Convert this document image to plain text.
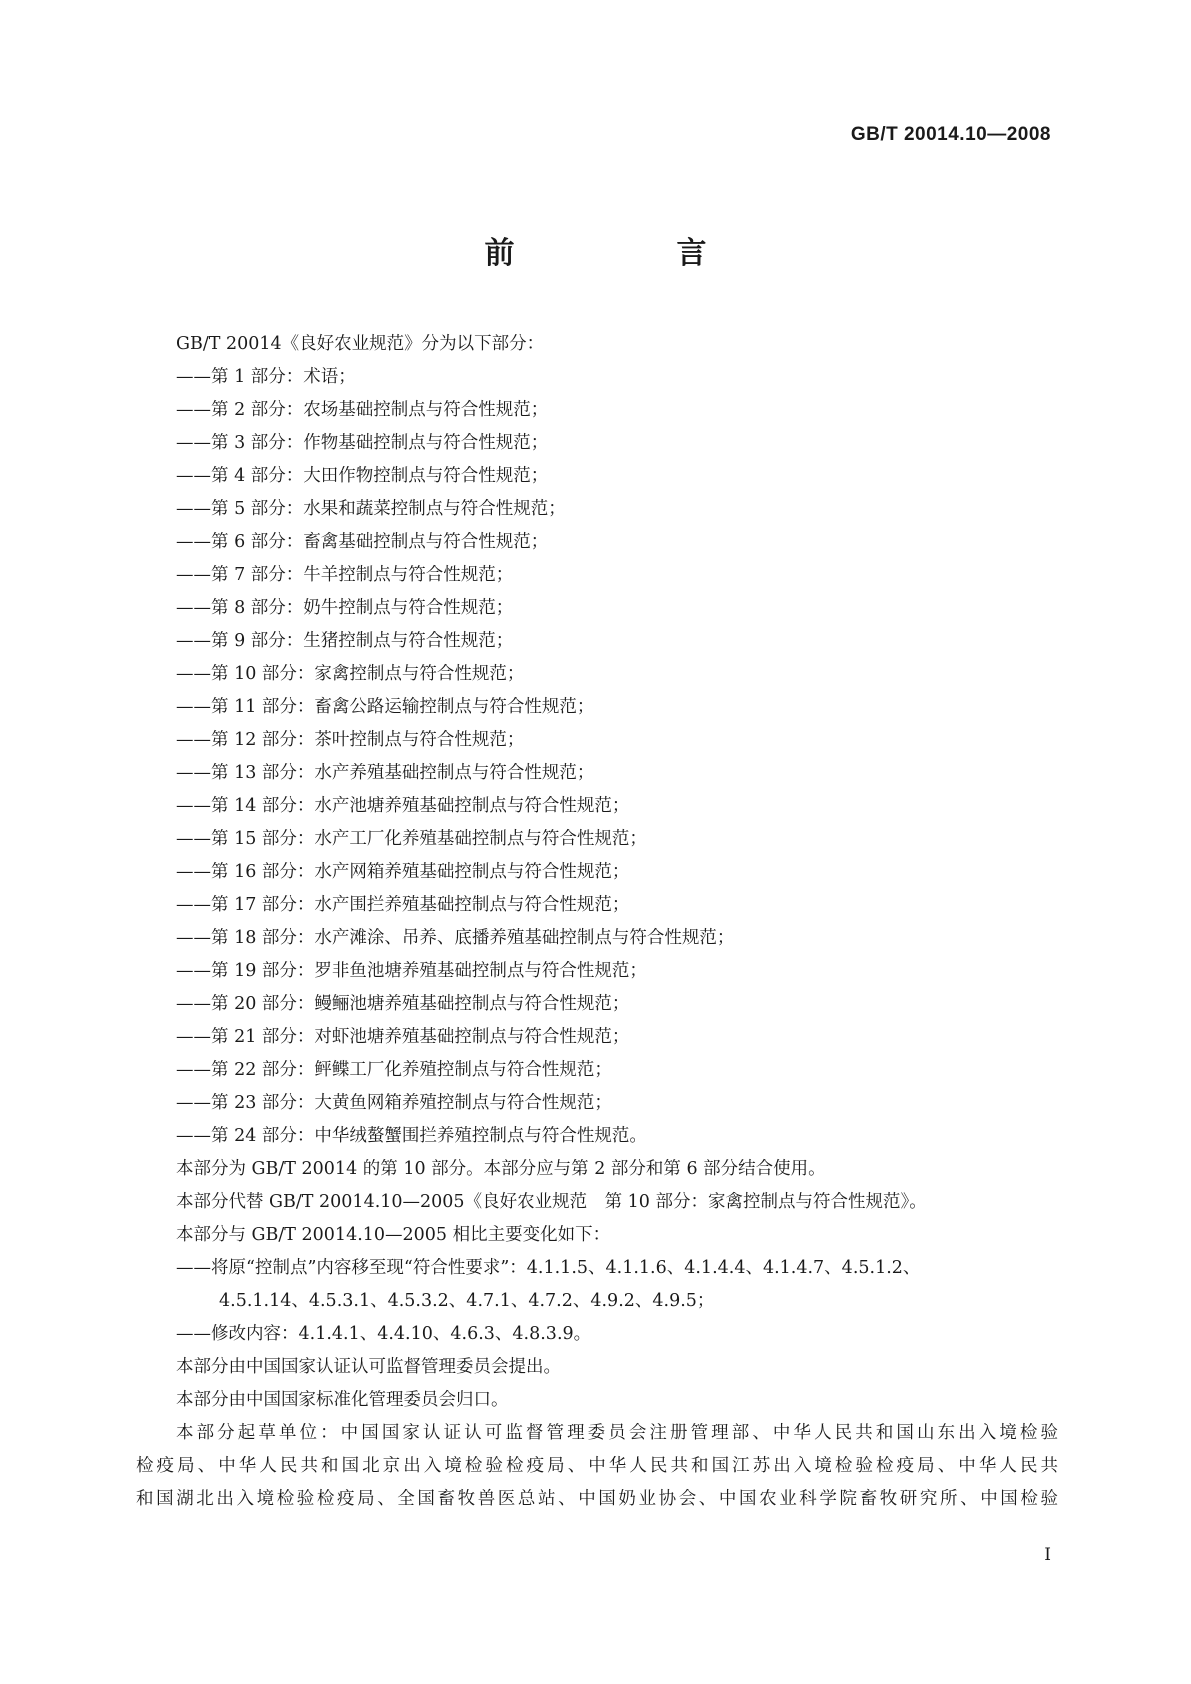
GB/T 20014.10—2008
前　　言
GB/T 20014《良好农业规范》分为以下部分：
——第 1 部分：术语；
——第 2 部分：农场基础控制点与符合性规范；
——第 3 部分：作物基础控制点与符合性规范；
——第 4 部分：大田作物控制点与符合性规范；
——第 5 部分：水果和蔬菜控制点与符合性规范；
——第 6 部分：畜禽基础控制点与符合性规范；
——第 7 部分：牛羊控制点与符合性规范；
——第 8 部分：奶牛控制点与符合性规范；
——第 9 部分：生猪控制点与符合性规范；
——第 10 部分：家禽控制点与符合性规范；
——第 11 部分：畜禽公路运输控制点与符合性规范；
——第 12 部分：茶叶控制点与符合性规范；
——第 13 部分：水产养殖基础控制点与符合性规范；
——第 14 部分：水产池塘养殖基础控制点与符合性规范；
——第 15 部分：水产工厂化养殖基础控制点与符合性规范；
——第 16 部分：水产网箱养殖基础控制点与符合性规范；
——第 17 部分：水产围拦养殖基础控制点与符合性规范；
——第 18 部分：水产滩涂、吊养、底播养殖基础控制点与符合性规范；
——第 19 部分：罗非鱼池塘养殖基础控制点与符合性规范；
——第 20 部分：鳗鲡池塘养殖基础控制点与符合性规范；
——第 21 部分：对虾池塘养殖基础控制点与符合性规范；
——第 22 部分：鲆鲽工厂化养殖控制点与符合性规范；
——第 23 部分：大黄鱼网箱养殖控制点与符合性规范；
——第 24 部分：中华绒螯蟹围拦养殖控制点与符合性规范。
本部分为 GB/T 20014 的第 10 部分。本部分应与第 2 部分和第 6 部分结合使用。
本部分代替 GB/T 20014.10—2005《良好农业规范　第 10 部分：家禽控制点与符合性规范》。
本部分与 GB/T 20014.10—2005 相比主要变化如下：
——将原“控制点”内容移至现“符合性要求”：4.1.1.5、4.1.1.6、4.1.4.4、4.1.4.7、4.5.1.2、
4.5.1.14、4.5.3.1、4.5.3.2、4.7.1、4.7.2、4.9.2、4.9.5；
——修改内容：4.1.4.1、4.4.10、4.6.3、4.8.3.9。
本部分由中国国家认证认可监督管理委员会提出。
本部分由中国国家标准化管理委员会归口。
本部分起草单位：中国国家认证认可监督管理委员会注册管理部、中华人民共和国山东出入境检验
检疫局、中华人民共和国北京出入境检验检疫局、中华人民共和国江苏出入境检验检疫局、中华人民共
和国湖北出入境检验检疫局、全国畜牧兽医总站、中国奶业协会、中国农业科学院畜牧研究所、中国检验
I
